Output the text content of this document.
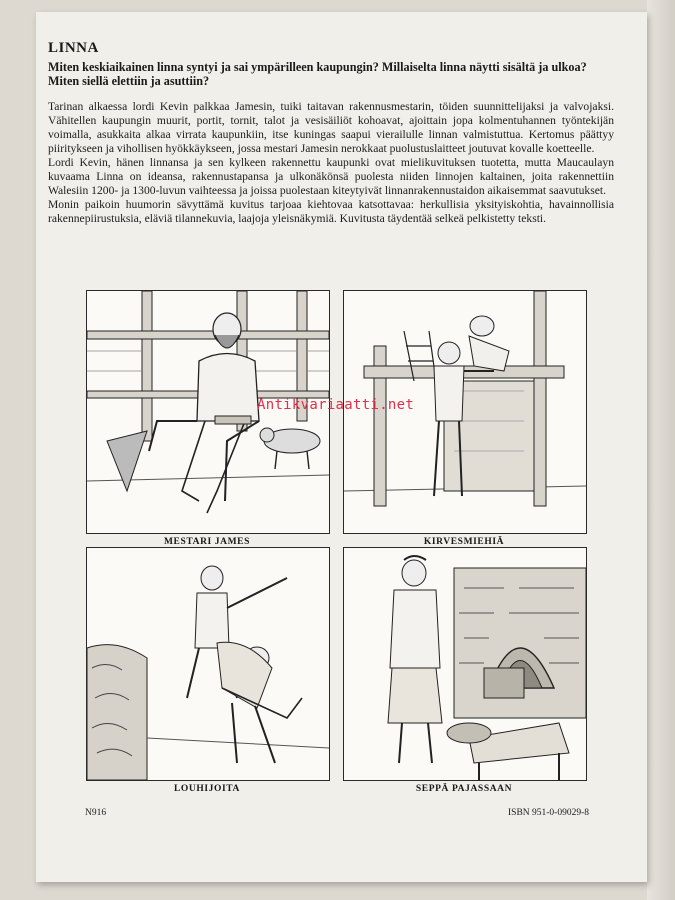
LINNA

Miten keskiaikainen linna syntyi ja sai ympärilleen kaupungin? Millaiselta linna näytti sisältä ja ulkoa? Miten siellä elettiin ja asuttiin?

Tarinan alkaessa lordi Kevin palkkaa Jamesin, tuiki taitavan rakennusmestarin, töiden suunnittelijaksi ja valvojaksi. Vähitellen kaupungin muurit, portit, tornit, talot ja vesisäiliöt kohoavat, ajoittain jopa kolmentuhannen työntekijän voimalla, asukkaita alkaa virrata kaupunkiin, itse kuningas saapui vierailulle linnan valmistuttua. Kertomus päättyy piiritykseen ja vihollisen hyökkäykseen, jossa mestari Jamesin nerokkaat puolustuslaitteet joutuvat kovalle koetteelle.

Lordi Kevin, hänen linnansa ja sen kylkeen rakennettu kaupunki ovat mielikuvituksen tuotetta, mutta Maucaulayn kuvaama Linna on ideansa, rakennustapansa ja ulkonäkönsä puolesta niiden linnojen kaltainen, joita rakennettiin Walesiin 1200- ja 1300-luvun vaihteessa ja joissa puolestaan kiteytyivät linnanrakennustaidon aikaisemmat saavutukset.

Monin paikoin huumorin sävyttämä kuvitus tarjoaa kiehtovaa katsottavaa: herkullisia yksityiskohtia, havainnollisia rakennepiirustuksia, eläviä tilannekuvia, laajoja yleisnäkymiä. Kuvitusta täydentää selkeä pelkistetty teksti.

MESTARI JAMES	KIRVESMIEHIÄ
LOUHIJOITA	SEPPÄ PAJASSAAN
Antikvariaatti.net
N916	ISBN 951-0-09029-8
